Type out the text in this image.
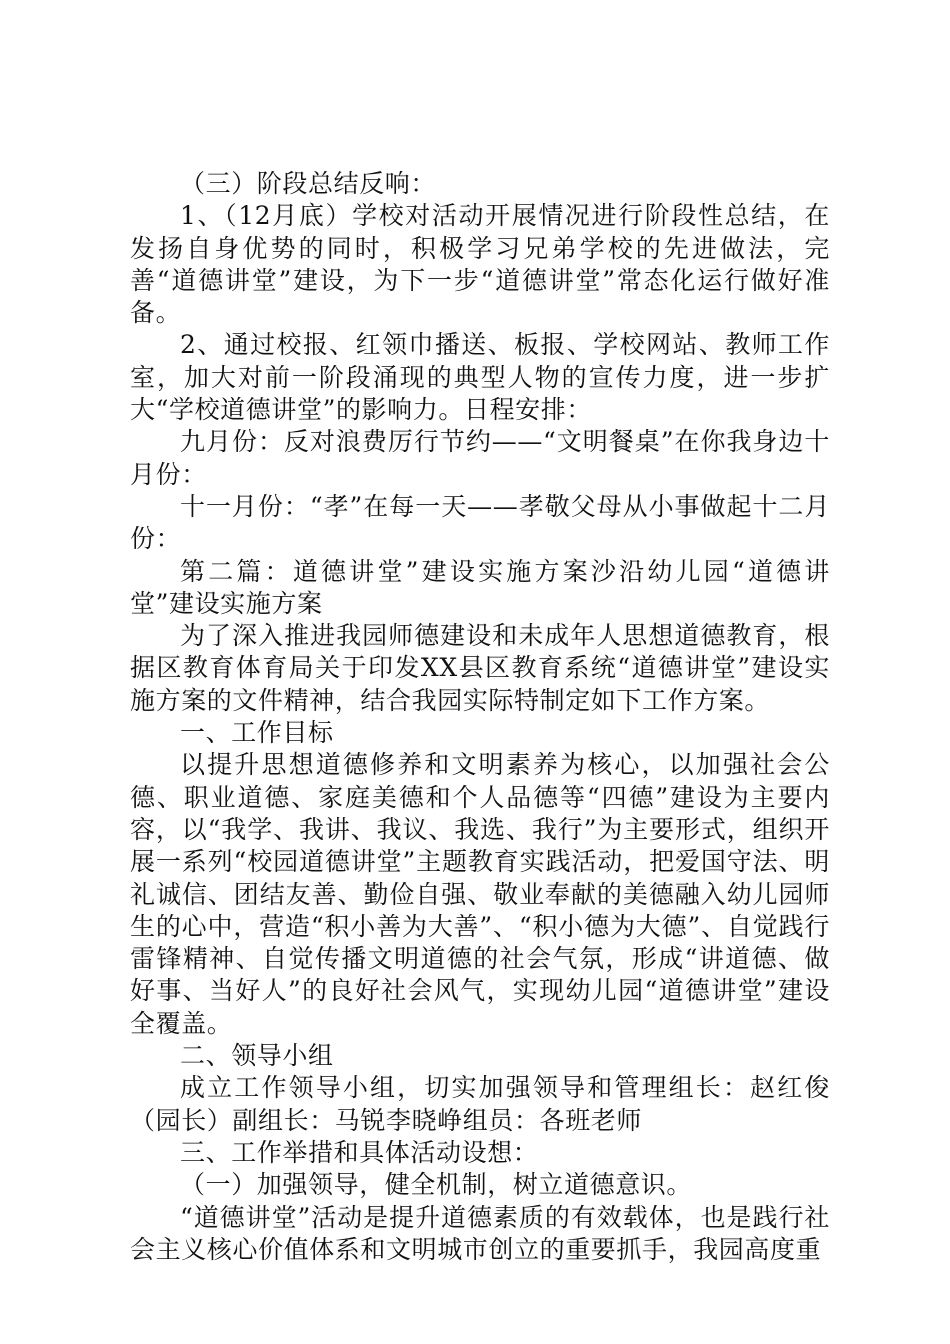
（三）阶段总结反响：

1、（12月底）学校对活动开展情况进行阶段性总结，在发扬自身优势的同时，积极学习兄弟学校的先进做法，完善“道德讲堂”建设，为下一步“道德讲堂”常态化运行做好准备。

2、通过校报、红领巾播送、板报、学校网站、教师工作室，加大对前一阶段涌现的典型人物的宣传力度，进一步扩大“学校道德讲堂”的影响力。日程安排：

九月份：反对浪费厉行节约——“文明餐桌”在你我身边十月份：

十一月份：“孝”在每一天——孝敬父母从小事做起十二月份：

第二篇：道德讲堂”建设实施方案沙沿幼儿园“道德讲堂”建设实施方案

为了深入推进我园师德建设和未成年人思想道德教育，根据区教育体育局关于印发XX县区教育系统“道德讲堂”建设实施方案的文件精神，结合我园实际特制定如下工作方案。

一、工作目标

以提升思想道德修养和文明素养为核心，以加强社会公德、职业道德、家庭美德和个人品德等“四德”建设为主要内容，以“我学、我讲、我议、我选、我行”为主要形式，组织开展一系列“校园道德讲堂”主题教育实践活动，把爱国守法、明礼诚信、团结友善、勤俭自强、敬业奉献的美德融入幼儿园师生的心中，营造“积小善为大善”、“积小德为大德”、自觉践行雷锋精神、自觉传播文明道德的社会气氛，形成“讲道德、做好事、当好人”的良好社会风气，实现幼儿园“道德讲堂”建设全覆盖。

二、领导小组

成立工作领导小组，切实加强领导和管理组长：赵红俊（园长）副组长：马锐李晓峥组员：各班老师

三、工作举措和具体活动设想：

（一）加强领导，健全机制，树立道德意识。

“道德讲堂”活动是提升道德素质的有效载体，也是践行社会主义核心价值体系和文明城市创立的重要抓手，我园高度重
